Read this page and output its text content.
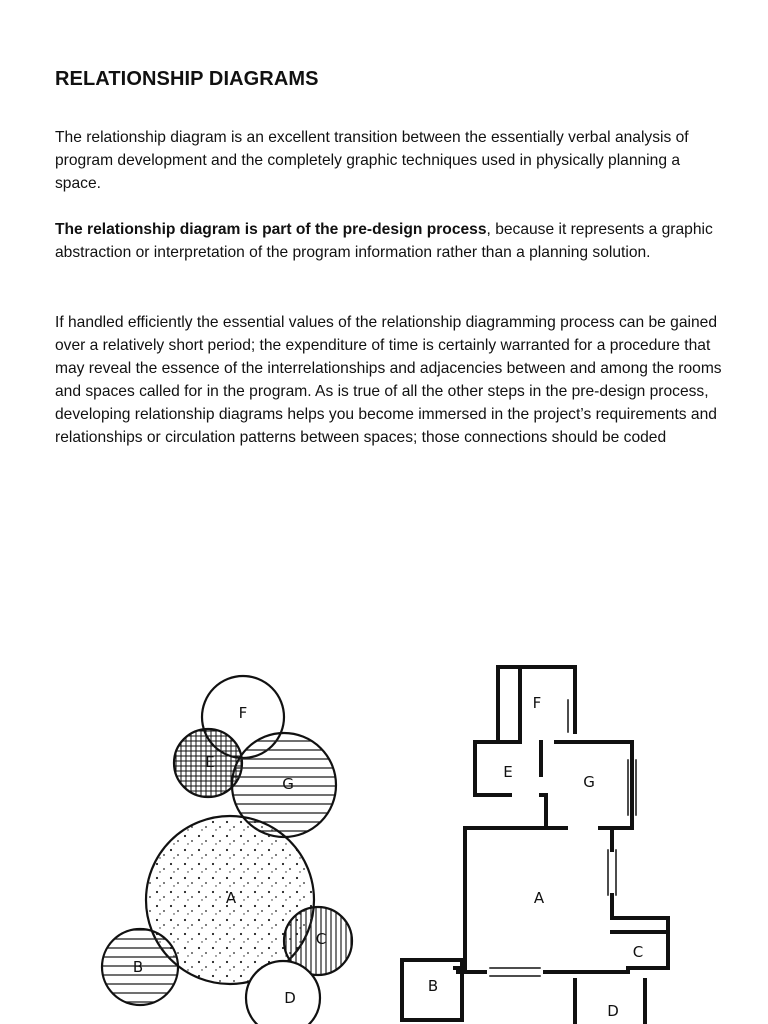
RELATIONSHIP DIAGRAMS

The relationship diagram is an excellent transition between the essentially verbal analysis of program development and the completely graphic techniques used in physically planning a space.

The relationship diagram is part of the pre-design process, because it represents a graphic abstraction or interpretation of the program information rather than a planning solution.

If handled efficiently the essential values of the relationship diagramming process can be gained over a relatively short period; the expenditure of time is certainly warranted for a procedure that may reveal the essence of the interrelationships and adjacencies between and among the rooms and spaces called for in the program. As is true of all the other steps in the pre-design process, developing relationship diagrams helps you become immersed in the project’s requirements and relationships or circulation patterns between spaces; those connections should be coded

F
E
G
A
C
B
D
F
E
G
A
C
B
D
